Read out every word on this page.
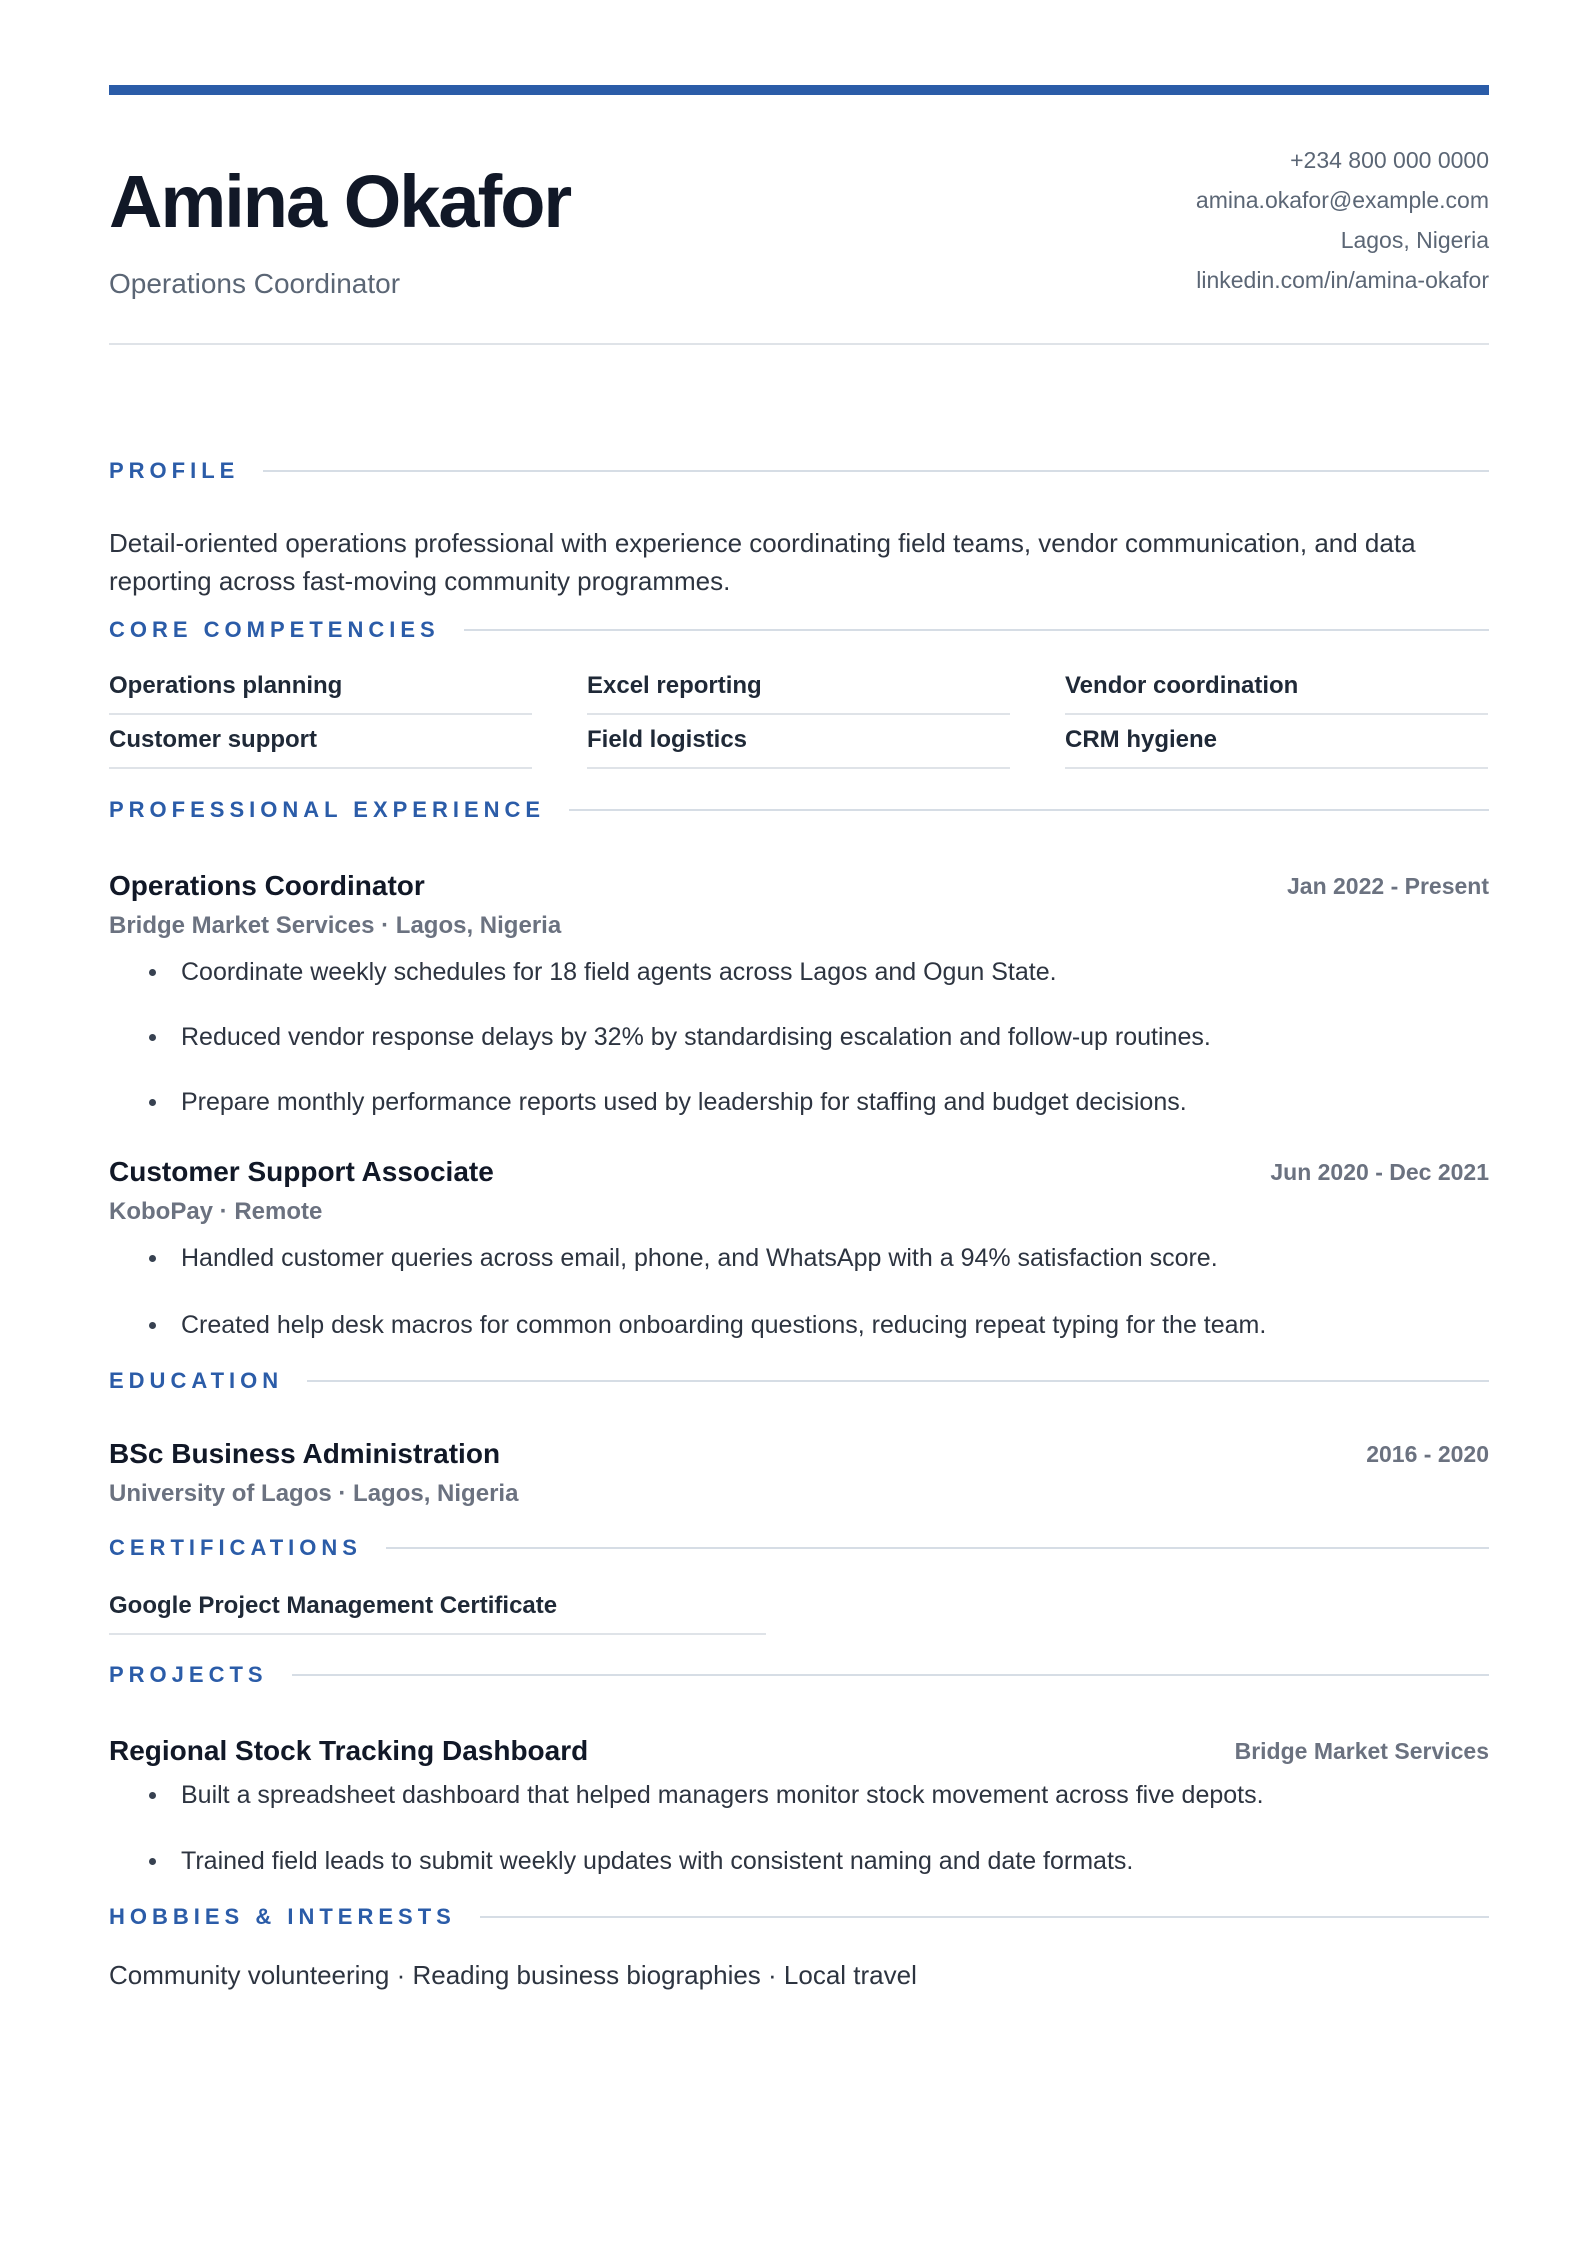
Amina Okafor
Operations Coordinator
+234 800 000 0000
amina.okafor@example.com
Lagos, Nigeria
linkedin.com/in/amina-okafor
PROFILE
Detail-oriented operations professional with experience coordinating field teams, vendor communication, and data reporting across fast-moving community programmes.
CORE COMPETENCIES
Operations planning	Excel reporting	Vendor coordination
Customer support	Field logistics	CRM hygiene
PROFESSIONAL EXPERIENCE
Operations Coordinator	Jan 2022 - Present
Bridge Market Services · Lagos, Nigeria
Coordinate weekly schedules for 18 field agents across Lagos and Ogun State.
Reduced vendor response delays by 32% by standardising escalation and follow-up routines.
Prepare monthly performance reports used by leadership for staffing and budget decisions.
Customer Support Associate	Jun 2020 - Dec 2021
KoboPay · Remote
Handled customer queries across email, phone, and WhatsApp with a 94% satisfaction score.
Created help desk macros for common onboarding questions, reducing repeat typing for the team.
EDUCATION
BSc Business Administration	2016 - 2020
University of Lagos · Lagos, Nigeria
CERTIFICATIONS
Google Project Management Certificate
PROJECTS
Regional Stock Tracking Dashboard	Bridge Market Services
Built a spreadsheet dashboard that helped managers monitor stock movement across five depots.
Trained field leads to submit weekly updates with consistent naming and date formats.
HOBBIES & INTERESTS
Community volunteering · Reading business biographies · Local travel
